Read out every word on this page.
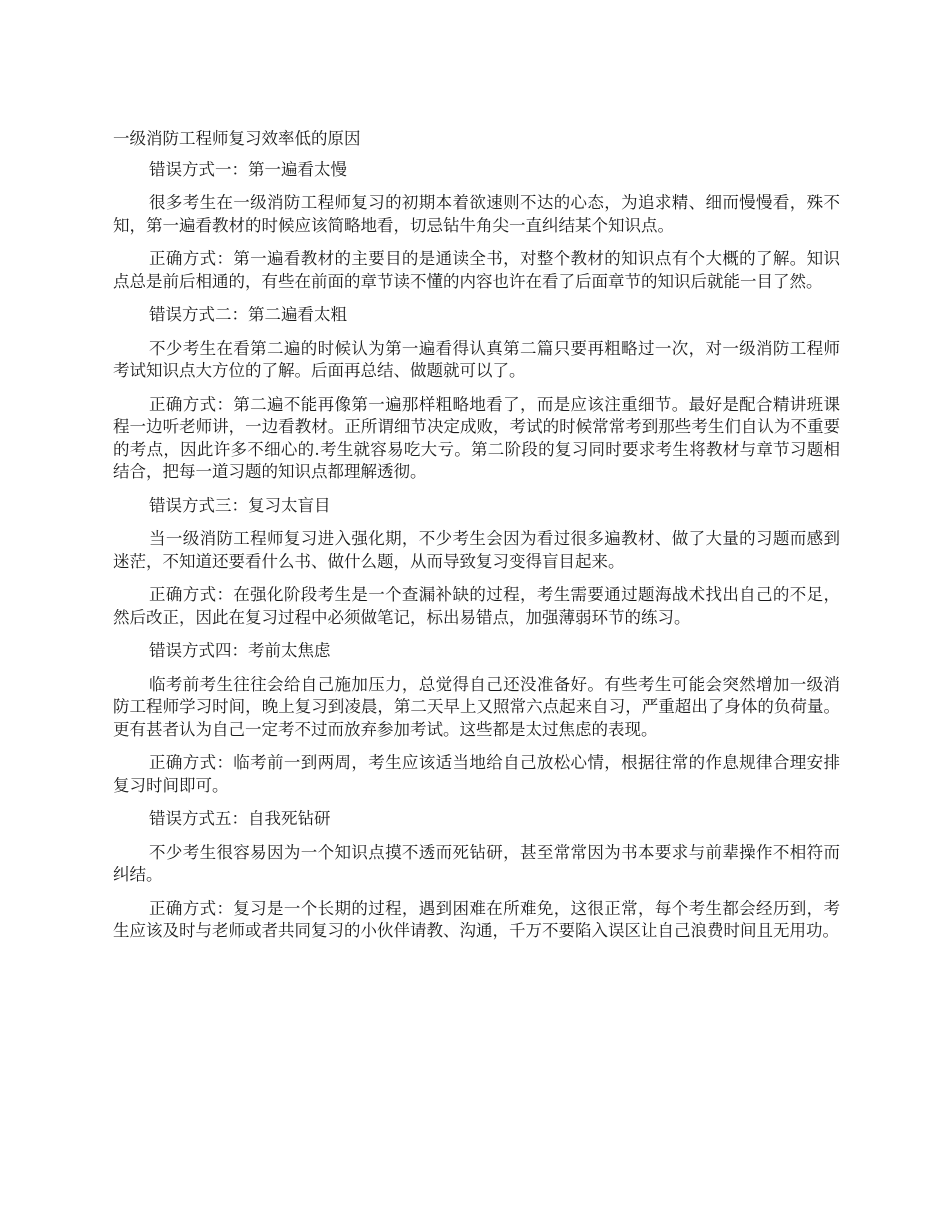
一级消防工程师复习效率低的原因
错误方式一：第一遍看太慢
很多考生在一级消防工程师复习的初期本着欲速则不达的心态，为追求精、细而慢慢看，殊不知，第一遍看教材的时候应该简略地看，切忌钻牛角尖一直纠结某个知识点。
正确方式：第一遍看教材的主要目的是通读全书，对整个教材的知识点有个大概的了解。知识点总是前后相通的，有些在前面的章节读不懂的内容也许在看了后面章节的知识后就能一目了然。
错误方式二：第二遍看太粗
不少考生在看第二遍的时候认为第一遍看得认真第二篇只要再粗略过一次，对一级消防工程师考试知识点大方位的了解。后面再总结、做题就可以了。
正确方式：第二遍不能再像第一遍那样粗略地看了，而是应该注重细节。最好是配合精讲班课程一边听老师讲，一边看教材。正所谓细节决定成败，考试的时候常常考到那些考生们自认为不重要的考点，因此许多不细心的.考生就容易吃大亏。第二阶段的复习同时要求考生将教材与章节习题相结合，把每一道习题的知识点都理解透彻。
错误方式三：复习太盲目
当一级消防工程师复习进入强化期，不少考生会因为看过很多遍教材、做了大量的习题而感到迷茫，不知道还要看什么书、做什么题，从而导致复习变得盲目起来。
正确方式：在强化阶段考生是一个查漏补缺的过程，考生需要通过题海战术找出自己的不足，然后改正，因此在复习过程中必须做笔记，标出易错点，加强薄弱环节的练习。
错误方式四：考前太焦虑
临考前考生往往会给自己施加压力，总觉得自己还没准备好。有些考生可能会突然增加一级消防工程师学习时间，晚上复习到凌晨，第二天早上又照常六点起来自习，严重超出了身体的负荷量。更有甚者认为自己一定考不过而放弃参加考试。这些都是太过焦虑的表现。
正确方式：临考前一到两周，考生应该适当地给自己放松心情，根据往常的作息规律合理安排复习时间即可。
错误方式五：自我死钻研
不少考生很容易因为一个知识点摸不透而死钻研，甚至常常因为书本要求与前辈操作不相符而纠结。
正确方式：复习是一个长期的过程，遇到困难在所难免，这很正常，每个考生都会经历到，考生应该及时与老师或者共同复习的小伙伴请教、沟通，千万不要陷入误区让自己浪费时间且无用功。
